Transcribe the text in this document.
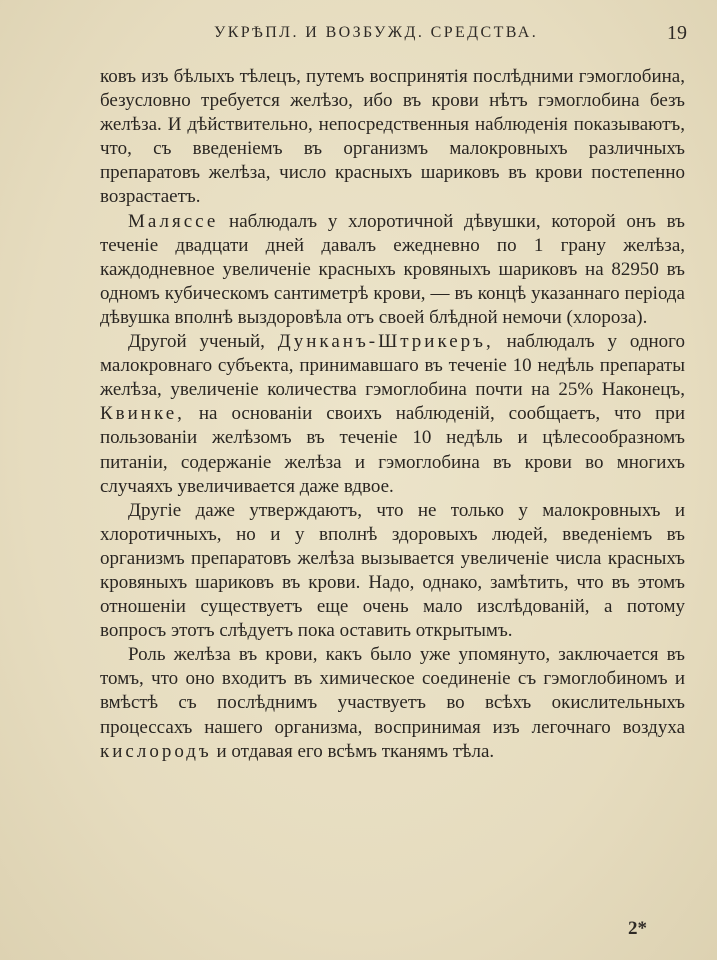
УКРѢПЛ. И ВОЗБУЖД. СРЕДСТВА.	19

ковъ изъ бѣлыхъ тѣлецъ, путемъ воспринятія послѣдними гэмоглобина, безусловно требуется желѣзо, ибо въ крови нѣтъ гэмоглобина безъ желѣза. И дѣйствительно, непосредственныя наблюденія показываютъ, что, съ введеніемъ въ организмъ малокровныхъ различныхъ препаратовъ желѣза, число красныхъ шариковъ въ крови постепенно возрастаетъ.

Маляссе наблюдалъ у хлоротичной дѣвушки, которой онъ въ теченіе двадцати дней давалъ ежедневно по 1 грану желѣза, каждодневное увеличеніе красныхъ кровяныхъ шариковъ на 82950 въ одномъ кубическомъ сантиметрѣ крови, — въ концѣ указаннаго періода дѣвушка вполнѣ выздоровѣла отъ своей блѣдной немочи (хлороза).

Другой ученый, Дунканъ-Штрикеръ, наблюдалъ у одного малокровнаго субъекта, принимавшаго въ теченіе 10 недѣль препараты желѣза, увеличеніе количества гэмоглобина почти на 25% Наконецъ, Квинке, на основаніи своихъ наблюденій, сообщаетъ, что при пользованіи желѣзомъ въ теченіе 10 недѣль и цѣлесообразномъ питаніи, содержаніе желѣза и гэмоглобина въ крови во многихъ случаяхъ увеличивается даже вдвое.

Другіе даже утверждаютъ, что не только у малокровныхъ и хлоротичныхъ, но и у вполнѣ здоровыхъ людей, введеніемъ въ организмъ препаратовъ желѣза вызывается увеличеніе числа красныхъ кровяныхъ шариковъ въ крови. Надо, однако, замѣтить, что въ этомъ отношеніи существуетъ еще очень мало изслѣдованій, а потому вопросъ этотъ слѣдуетъ пока оставить открытымъ.

Роль желѣза въ крови, какъ было уже упомянуто, заключается въ томъ, что оно входитъ въ химическое соединеніе съ гэмоглобиномъ и вмѣстѣ съ послѣднимъ участвуетъ во всѣхъ окислительныхъ процессахъ нашего организма, воспринимая изъ легочнаго воздуха кислородъ и отдавая его всѣмъ тканямъ тѣла.

2*
